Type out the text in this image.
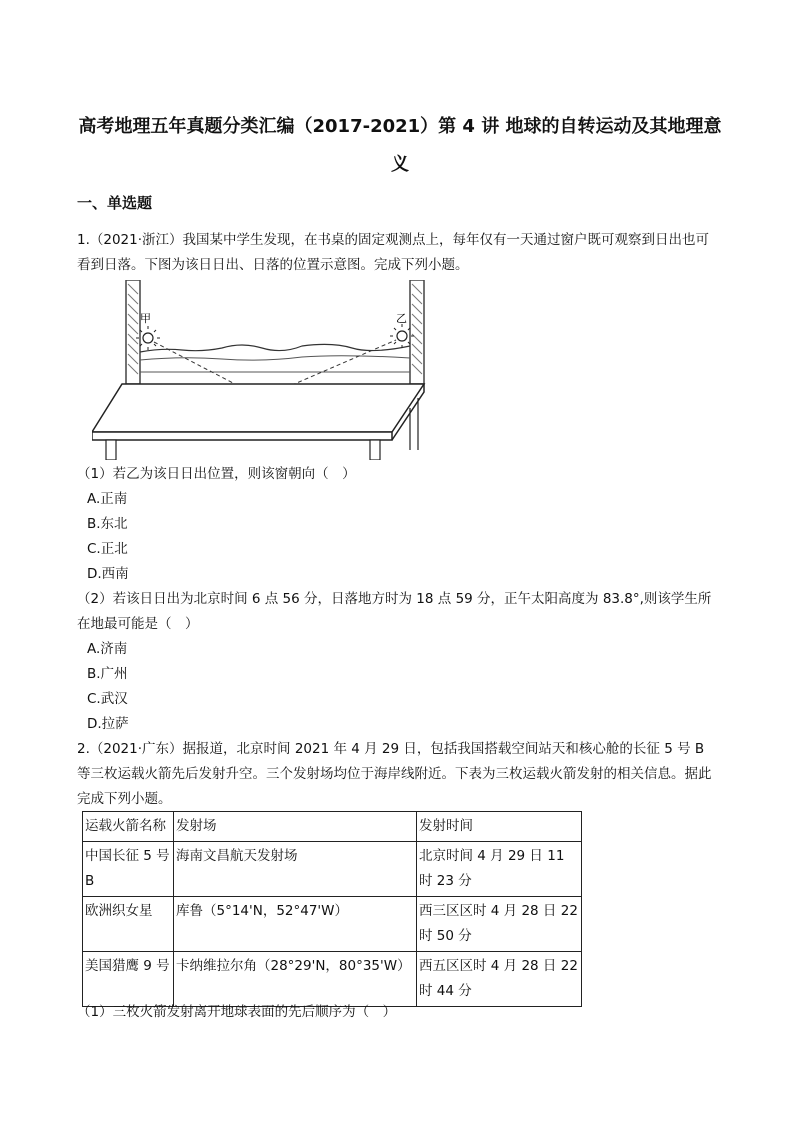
高考地理五年真题分类汇编（2017-2021）第 4 讲 地球的自转运动及其地理意义
一、单选题
1.（2021·浙江）我国某中学生发现，在书桌的固定观测点上，每年仅有一天通过窗户既可观察到日出也可看到日落。下图为该日日出、日落的位置示意图。完成下列小题。
甲	乙
（1）若乙为该日日出位置，则该窗朝向（　）
A.正南
B.东北
C.正北
D.西南
（2）若该日日出为北京时间 6 点 56 分，日落地方时为 18 点 59 分，正午太阳高度为 83.8°,则该学生所在地最可能是（　）
A.济南
B.广州
C.武汉
D.拉萨
2.（2021·广东）据报道，北京时间 2021 年 4 月 29 日，包括我国搭载空间站天和核心舱的长征 5 号 B 等三枚运载火箭先后发射升空。三个发射场均位于海岸线附近。下表为三枚运载火箭发射的相关信息。据此完成下列小题。
运载火箭名称	发射场	发射时间
中国长征 5 号 B	海南文昌航天发射场	北京时间 4 月 29 日 11 时 23 分
欧洲织女星	库鲁（5°14'N，52°47'W）	西三区区时 4 月 28 日 22 时 50 分
美国猎鹰 9 号	卡纳维拉尔角（28°29'N，80°35'W）	西五区区时 4 月 28 日 22 时 44 分
（1）三枚火箭发射离开地球表面的先后顺序为（　）
